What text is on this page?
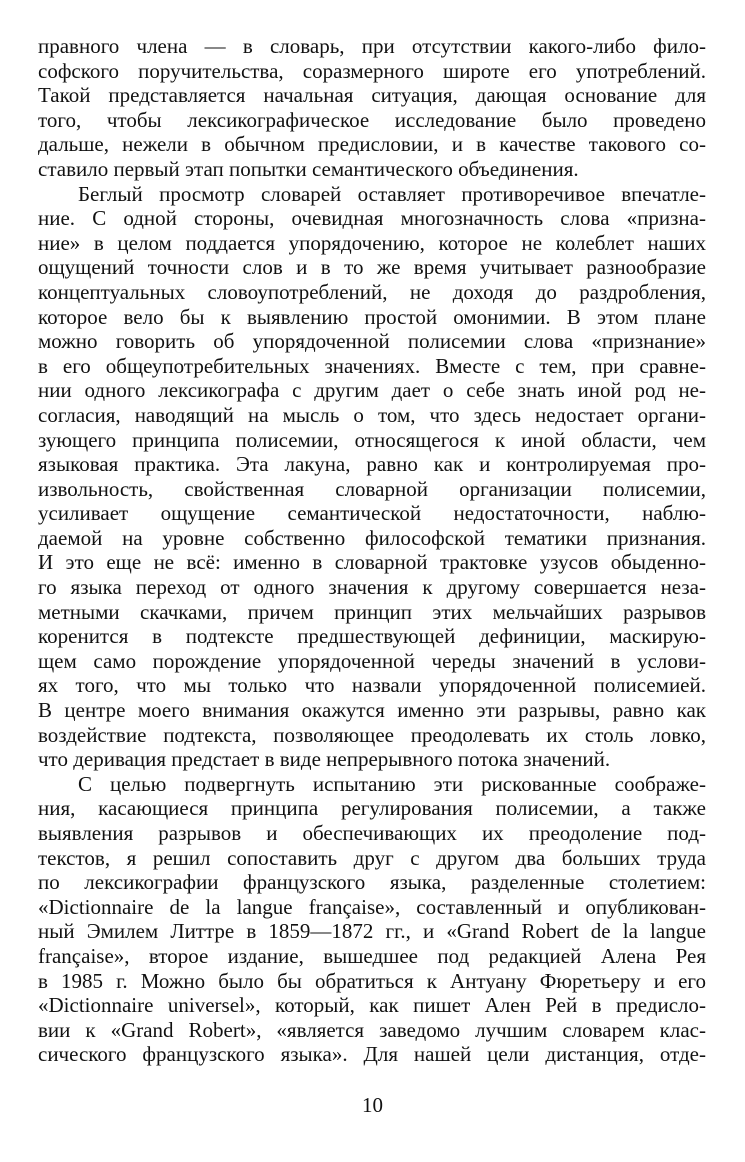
правного члена — в словарь, при отсутствии какого-либо фило-
софского поручительства, соразмерного широте его употреблений.
Такой представляется начальная ситуация, дающая основание для
того, чтобы лексикографическое исследование было проведено
дальше, нежели в обычном предисловии, и в качестве такового со-
ставило первый этап попытки семантического объединения.
Беглый просмотр словарей оставляет противоречивое впечатле-
ние. С одной стороны, очевидная многозначность слова «призна-
ние» в целом поддается упорядочению, которое не колеблет наших
ощущений точности слов и в то же время учитывает разнообразие
концептуальных словоупотреблений, не доходя до раздробления,
которое вело бы к выявлению простой омонимии. В этом плане
можно говорить об упорядоченной полисемии слова «признание»
в его общеупотребительных значениях. Вместе с тем, при сравне-
нии одного лексикографа с другим дает о себе знать иной род не-
согласия, наводящий на мысль о том, что здесь недостает органи-
зующего принципа полисемии, относящегося к иной области, чем
языковая практика. Эта лакуна, равно как и контролируемая про-
извольность, свойственная словарной организации полисемии,
усиливает ощущение семантической недостаточности, наблю-
даемой на уровне собственно философской тематики признания.
И это еще не всё: именно в словарной трактовке узусов обыденно-
го языка переход от одного значения к другому совершается неза-
метными скачками, причем принцип этих мельчайших разрывов
коренится в подтексте предшествующей дефиниции, маскирую-
щем само порождение упорядоченной череды значений в услови-
ях того, что мы только что назвали упорядоченной полисемией.
В центре моего внимания окажутся именно эти разрывы, равно как
воздействие подтекста, позволяющее преодолевать их столь ловко,
что деривация предстает в виде непрерывного потока значений.
С целью подвергнуть испытанию эти рискованные соображе-
ния, касающиеся принципа регулирования полисемии, а также
выявления разрывов и обеспечивающих их преодоление под-
текстов, я решил сопоставить друг с другом два больших труда
по лексикографии французского языка, разделенные столетием:
«Dictionnaire de la langue française», составленный и опубликован-
ный Эмилем Литтре в 1859—1872 гг., и «Grand Robert de la langue
française», второе издание, вышедшее под редакцией Алена Рея
в 1985 г. Можно было бы обратиться к Антуану Фюретьеру и его
«Dictionnaire universel», который, как пишет Ален Рей в предисло-
вии к «Grand Robert», «является заведомо лучшим словарем клас-
сического французского языка». Для нашей цели дистанция, отде-
10
